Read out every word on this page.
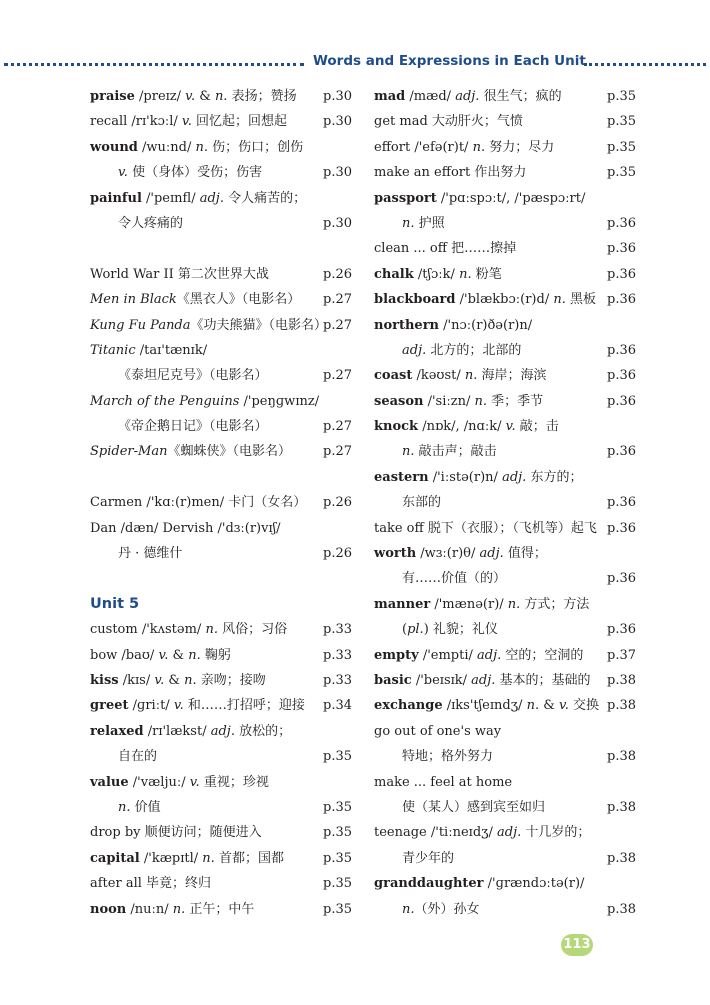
Words and Expressions in Each Unit
praise /preɪz/ v. & n. 表扬；赞扬 p.30
recall /rɪ'kɔːl/ v. 回忆起；回想起	p.30
wound /wuːnd/ n. 伤；伤口；创伤
v. 使（身体）受伤；伤害	p.30
painful /'peɪnfl/ adj. 令人痛苦的；
令人疼痛的	p.30
World War II 第二次世界大战	p.26
Men in Black《黑衣人》（电影名） p.27
Kung Fu Panda《功夫熊猫》（电影名）
p.27
Titanic /taɪ'tænɪk/
《泰坦尼克号》（电影名）	p.27
March of the Penguins /'peŋɡwɪnz/
《帝企鹅日记》（电影名）	p.27
Spider-Man《蜘蛛侠》（电影名） p.27
Carmen /'kɑː(r)men/ 卡门（女名） p.26
Dan /dæn/ Dervish /'dɜː(r)vɪʃ/
丹 · 德维什	p.26
Unit 5
custom /'kʌstəm/ n. 风俗；习俗	p.33
bow /baʊ/ v. & n. 鞠躬	p.33
kiss /kɪs/ v. & n. 亲吻；接吻	p.33
greet /ɡriːt/ v. 和……打招呼；迎接 p.34
relaxed /rɪ'lækst/ adj. 放松的；
自在的	p.35
value /'væljuː/ v. 重视；珍视
n. 价值	p.35
drop by 顺便访问；随便进入	p.35
capital /'kæpɪtl/ n. 首都；国都	p.35
after all 毕竟；终归	p.35
noon /nuːn/ n. 正午；中午	p.35
mad /mæd/ adj. 很生气；疯的	p.35
get mad 大动肝火；气愤	p.35
effort /'efə(r)t/ n. 努力；尽力	p.35
make an effort 作出努力	p.35
passport /'pɑːspɔːt/, /'pæspɔːrt/
n. 护照	p.36
clean ... off 把……擦掉	p.36
chalk /tʃɔːk/ n. 粉笔	p.36
blackboard /'blækbɔː(r)d/ n. 黑板 p.36
northern /'nɔː(r)ðə(r)n/
adj. 北方的；北部的	p.36
coast /kəʊst/ n. 海岸；海滨	p.36
season /'siːzn/ n. 季；季节	p.36
knock /nɒk/, /nɑːk/ v. 敲；击
n. 敲击声；敲击	p.36
eastern /'iːstə(r)n/ adj. 东方的；
东部的	p.36
take off 脱下（衣服）；（飞机等）起飞 p.36
worth /wɜː(r)θ/ adj. 值得；
有……价值（的）	p.36
manner /'mænə(r)/ n. 方式；方法
(pl.) 礼貌；礼仪	p.36
empty /'empti/ adj. 空的；空洞的 p.37
basic /'beɪsɪk/ adj. 基本的；基础的 p.38
exchange /ɪks'tʃeɪndʒ/ n. & v. 交换 p.38
go out of one's way
特地；格外努力	p.38
make ... feel at home
使（某人）感到宾至如归	p.38
teenage /'tiːneɪdʒ/ adj. 十几岁的；
青少年的	p.38
granddaughter /'ɡrændɔːtə(r)/
n.（外）孙女	p.38
113
